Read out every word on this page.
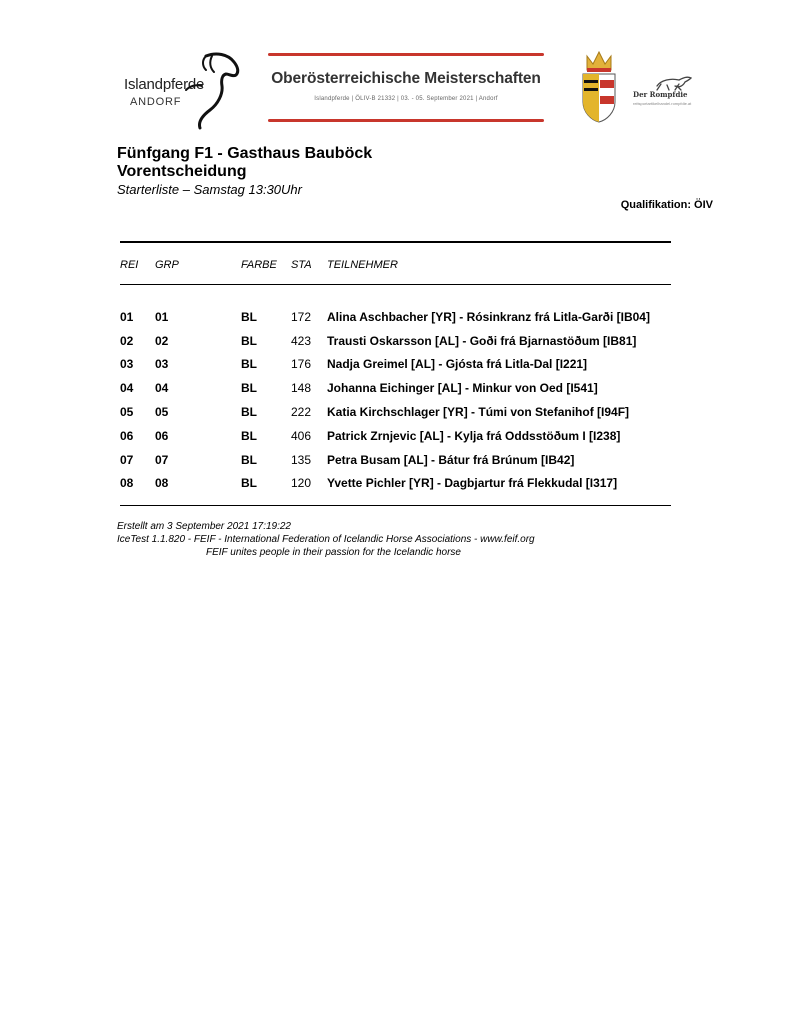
Islandpferde
ANDORF
Oberösterreichische Meisterschaften
Islandpferde | ÖLIV-B 21332 | 03. - 05. September 2021 | Andorf	Der Rompfdie
reitsportartikelhandel.rompfdie.at
Fünfgang F1 - Gasthaus Bauböck
Vorentscheidung
Starterliste – Samstag 13:30Uhr
Qualifikation: ÖIV
REI GRP	FARBE STA TEILNEHMER
01 01	BL	172 Alina Aschbacher [YR] - Rósinkranz frá Litla-Garði [IB04]
02 02	BL	423 Trausti Oskarsson [AL] - Goði frá Bjarnastöðum [IB81]
03 03	BL	176 Nadja Greimel [AL] - Gjósta frá Litla-Dal [I221]
04 04	BL	148 Johanna Eichinger [AL] - Minkur von Oed [I541]
05 05	BL	222 Katia Kirchschlager [YR] - Túmi von Stefanihof [I94F]
06 06	BL	406 Patrick Zrnjevic [AL] - Kylja frá Oddsstöðum I [I238]
07 07	BL	135 Petra Busam [AL] - Bátur frá Brúnum [IB42]
08 08	BL	120 Yvette Pichler [YR] - Dagbjartur frá Flekkudal [I317]
Erstellt am 3 September 2021 17:19:22
IceTest 1.1.820 - FEIF - International Federation of Icelandic Horse Associations - www.feif.org
FEIF unites people in their passion for the Icelandic horse
